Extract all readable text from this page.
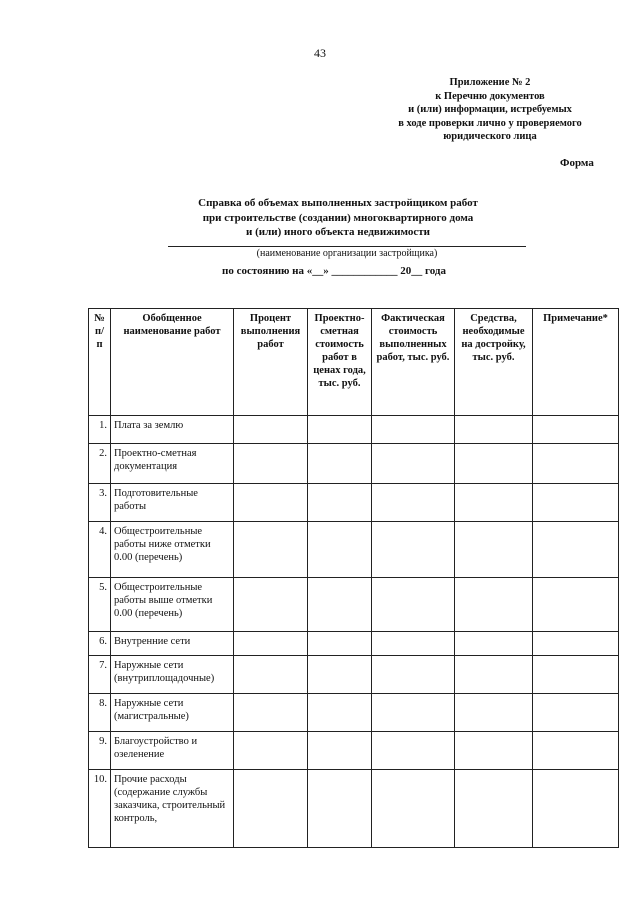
43
Приложение № 2
к Перечню документов
и (или) информации, истребуемых
в ходе проверки лично у проверяемого
юридического лица
Форма
Справка об объемах выполненных застройщиком работ
при строительстве (создании) многоквартирного дома
и (или) иного объекта недвижимости
(наименование организации застройщика)
по состоянию на «__» ____________ 20__ года
№ п/п	Обобщенное наименование работ	Процент выполнения работ	Проектно-сметная стоимость работ в ценах года, тыс. руб.	Фактическая стоимость выполненных работ, тыс. руб.	Средства, необходимые на достройку, тыс. руб.	Примечание*
1.	Плата за землю					
2.	Проектно-сметная документация					
3.	Подготовительные работы					
4.	Общестроительные работы ниже отметки 0.00 (перечень)					
5.	Общестроительные работы выше отметки 0.00 (перечень)					
6.	Внутренние сети					
7.	Наружные сети (внутриплощадочные)					
8.	Наружные сети (магистральные)					
9.	Благоустройство и озеленение					
10.	Прочие расходы (содержание службы заказчика, строительный контроль,					
